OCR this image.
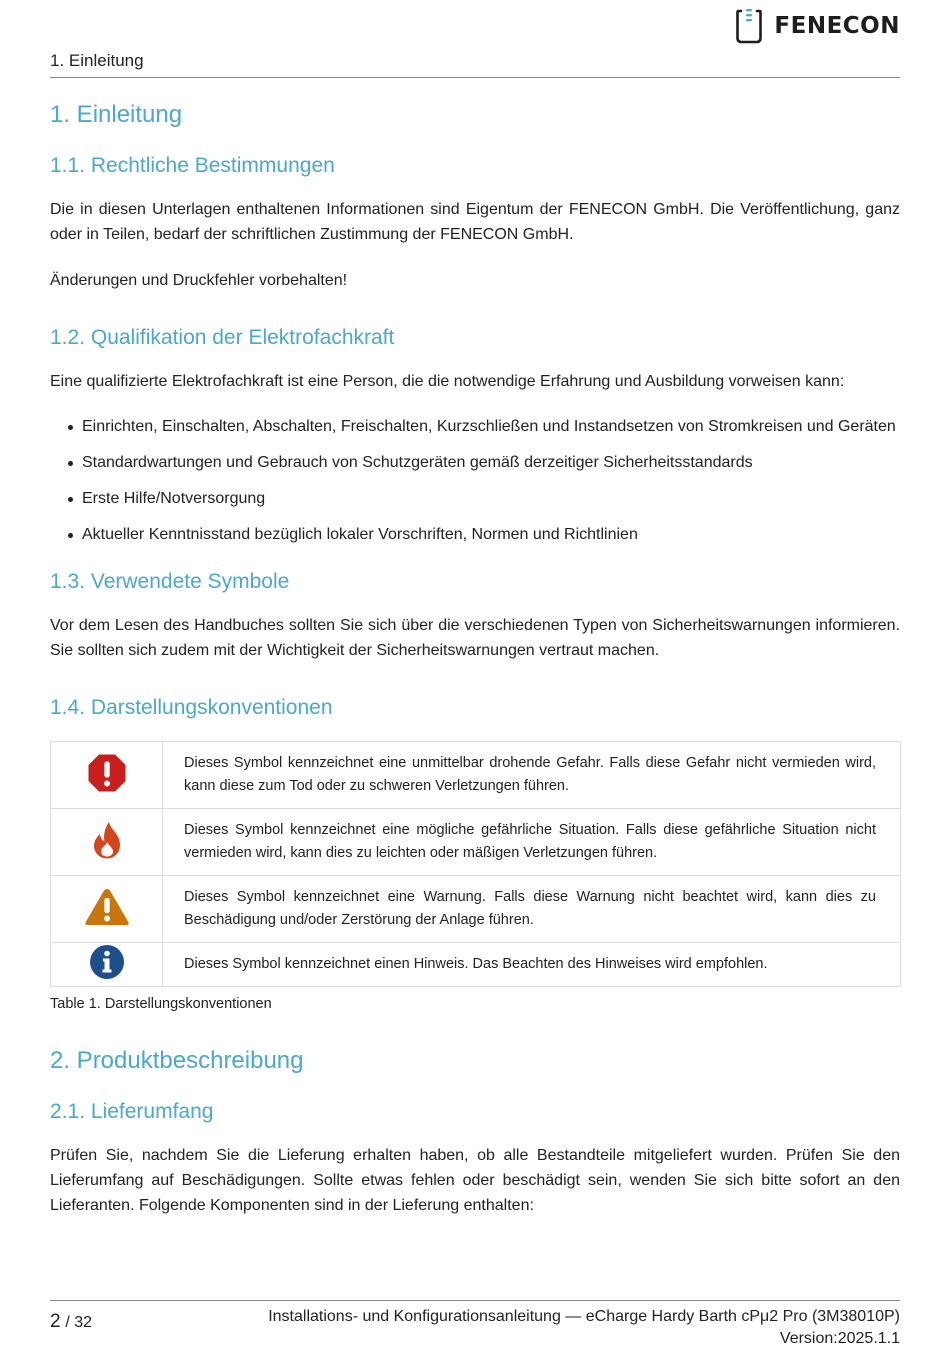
1. Einleitung
FENECON
1. Einleitung
1.1. Rechtliche Bestimmungen

Die in diesen Unterlagen enthaltenen Informationen sind Eigentum der FENECON GmbH. Die Veröffentlichung, ganz oder in Teilen, bedarf der schriftlichen Zustimmung der FENECON GmbH.

Änderungen und Druckfehler vorbehalten!

1.2. Qualifikation der Elektrofachkraft

Eine qualifizierte Elektrofachkraft ist eine Person, die die notwendige Erfahrung und Ausbildung vorweisen kann:

Einrichten, Einschalten, Abschalten, Freischalten, Kurzschließen und Instandsetzen von Stromkreisen und Geräten
Standardwartungen und Gebrauch von Schutzgeräten gemäß derzeitiger Sicherheitsstandards
Erste Hilfe/Notversorgung
Aktueller Kenntnisstand bezüglich lokaler Vorschriften, Normen und Richtlinien
1.3. Verwendete Symbole

Vor dem Lesen des Handbuches sollten Sie sich über die verschiedenen Typen von Sicherheitswarnungen informieren. Sie sollten sich zudem mit der Wichtigkeit der Sicherheitswarnungen vertraut machen.

1.4. Darstellungskonventionen
	Dieses Symbol kennzeichnet eine unmittelbar drohende Gefahr. Falls diese Gefahr nicht vermieden wird, kann diese zum Tod oder zu schweren Verletzungen führen.
	Dieses Symbol kennzeichnet eine mögliche gefährliche Situation. Falls diese gefährliche Situation nicht vermieden wird, kann dies zu leichten oder mäßigen Verletzungen führen.
	Dieses Symbol kennzeichnet eine Warnung. Falls diese Warnung nicht beachtet wird, kann dies zu Beschädigung und/oder Zerstörung der Anlage führen.
	Dieses Symbol kennzeichnet einen Hinweis. Das Beachten des Hinweises wird empfohlen.
Table 1. Darstellungskonventionen
2. Produktbeschreibung
2.1. Lieferumfang

Prüfen Sie, nachdem Sie die Lieferung erhalten haben, ob alle Bestandteile mitgeliefert wurden. Prüfen Sie den Lieferumfang auf Beschädigungen. Sollte etwas fehlen oder beschädigt sein, wenden Sie sich bitte sofort an den Lieferanten. Folgende Komponenten sind in der Lieferung enthalten:

2 / 32	Installations- und Konfigurationsanleitung — eCharge Hardy Barth cPμ2 Pro (3M38010P)
Version:2025.1.1
